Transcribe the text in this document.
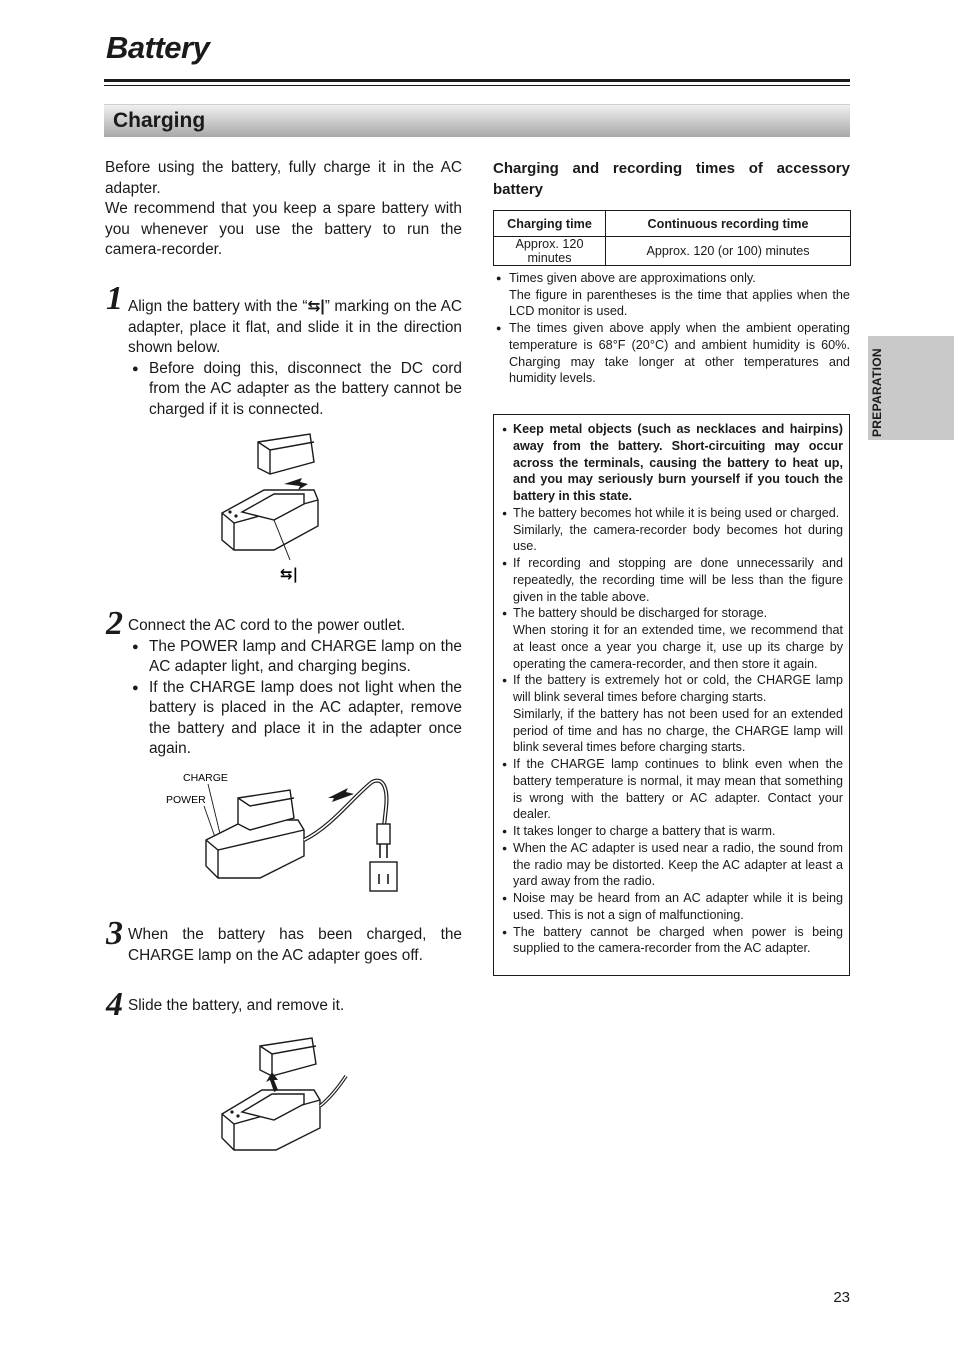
Battery
Charging

Before using the battery, fully charge it in the AC adapter.

We recommend that you keep a spare battery with you whenever you use the battery to run the camera-recorder.

1 Align the battery with the “⇆|” marking on the AC adapter, place it flat, and slide it in the direction shown below.
● Before doing this, disconnect the DC cord from the AC adapter as the battery cannot be charged if it is connected.
⇆|
2 Connect the AC cord to the power outlet.
● The POWER lamp and CHARGE lamp on the AC adapter light, and charging begins.
● If the CHARGE lamp does not light when the battery is placed in the AC adapter, remove the battery and place it in the adapter once again.
CHARGE
POWER
3 When the battery has been charged, the CHARGE lamp on the AC adapter goes off.
4 Slide the battery, and remove it.
Charging and recording times of accessory battery
Charging time	Continuous recording time
Approx. 120 minutes	Approx. 120 (or 100) minutes

● Times given above are approximations only.

The figure in parentheses is the time that applies when the LCD monitor is used.

● The times given above apply when the ambient operating temperature is 68°F (20°C) and ambient humidity is 60%. Charging may take longer at other temperatures and humidity levels.

● Keep metal objects (such as necklaces and hairpins) away from the battery. Short-circuiting may occur across the terminals, causing the battery to heat up, and you may seriously burn yourself if you touch the battery in this state.

● The battery becomes hot while it is being used or charged.

Similarly, the camera-recorder body becomes hot during use.

● If recording and stopping are done unnecessarily and repeatedly, the recording time will be less than the figure given in the table above.

● The battery should be discharged for storage.

When storing it for an extended time, we recommend that at least once a year you charge it, use up its charge by operating the camera-recorder, and then store it again.

● If the battery is extremely hot or cold, the CHARGE lamp will blink several times before charging starts.

Similarly, if the battery has not been used for an extended period of time and has no charge, the CHARGE lamp will blink several times before charging starts.

● If the CHARGE lamp continues to blink even when the battery temperature is normal, it may mean that something is wrong with the battery or AC adapter. Contact your dealer.

● It takes longer to charge a battery that is warm.

● When the AC adapter is used near a radio, the sound from the radio may be distorted. Keep the AC adapter at least a yard away from the radio.

● Noise may be heard from an AC adapter while it is being used. This is not a sign of malfunctioning.

● The battery cannot be charged when power is being supplied to the camera-recorder from the AC adapter.

PREPARATION
23
